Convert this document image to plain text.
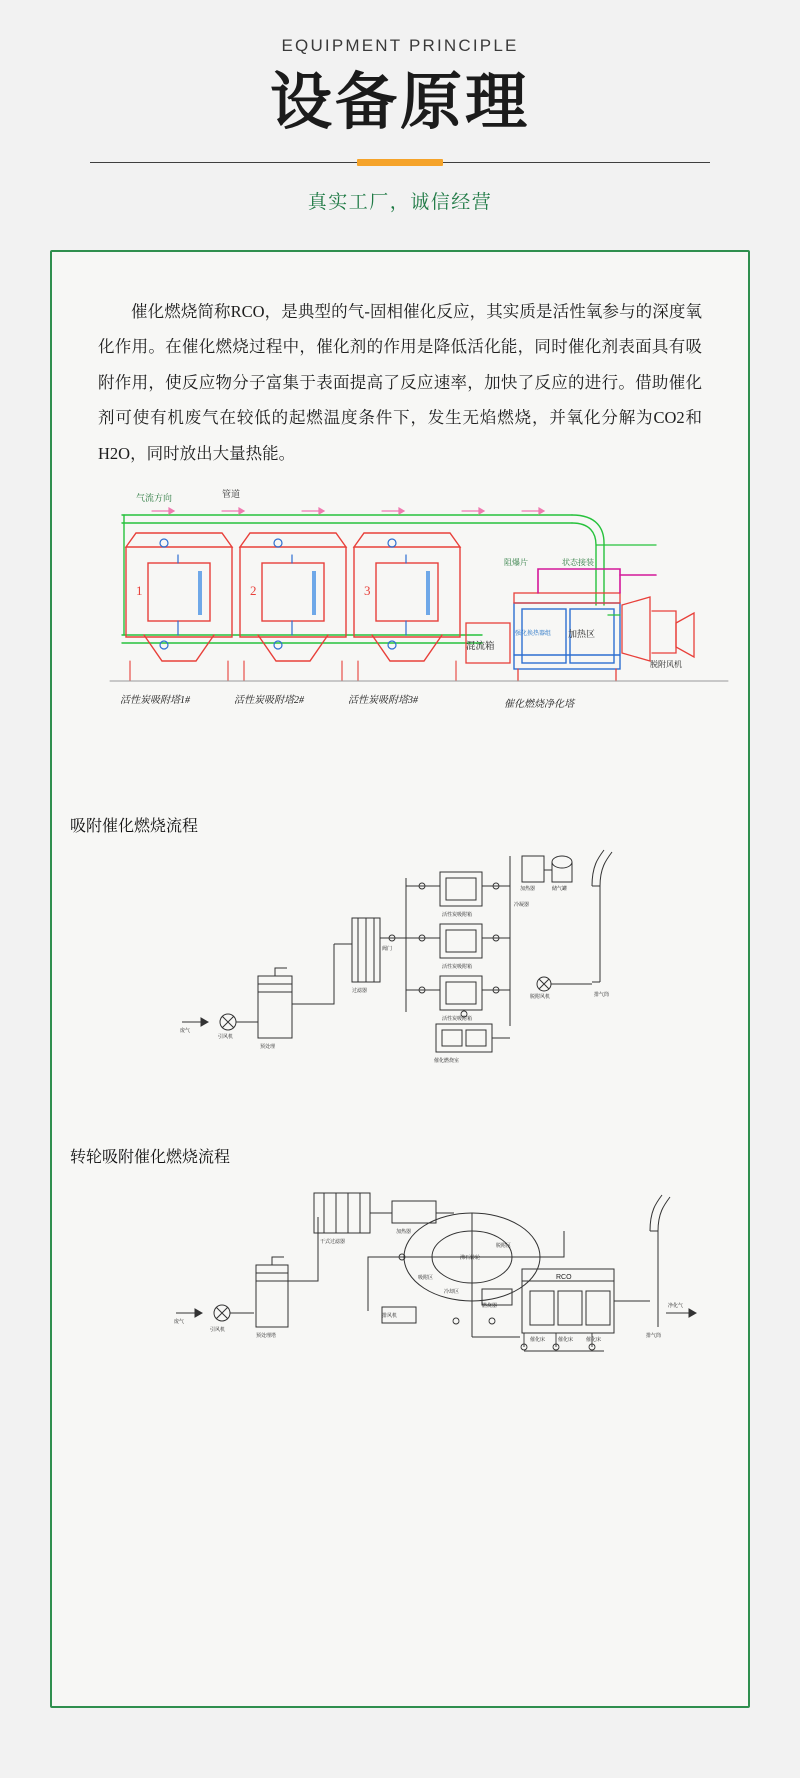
EQUIPMENT PRINCIPLE
设备原理
真实工厂，诚信经营
催化燃烧简称RCO，是典型的气-固相催化反应，其实质是活性氧参与的深度氧化作用。在催化燃烧过程中，催化剂的作用是降低活化能，同时催化剂表面具有吸附作用，使反应物分子富集于表面提高了反应速率，加快了反应的进行。借助催化剂可使有机废气在较低的起燃温度条件下，发生无焰燃烧，并氧化分解为CO2和H2O，同时放出大量热能。
气流方向	管道
1	2	3
混流箱
强化换热器组 加热区
阻爆片	状态接装
脱附风机
活性炭吸附塔1#	活性炭吸附塔2#	活性炭吸附塔3#	催化燃烧净化塔
吸附催化燃烧流程
废气
引风机
预处理
过滤器
活性炭吸附箱
活性炭吸附箱
活性炭吸附箱
催化燃烧室
加热器	储气罐
脱附风机	排气筒
冷凝器
阀门
转轮吸附催化燃烧流程
废气
引风机
预处理塔
干式过滤器
加热器
沸石转轮
吸附区
脱附区
冷却区
RCO
催化床	催化床	催化床
燃烧器
排风机
排气筒
净化气
